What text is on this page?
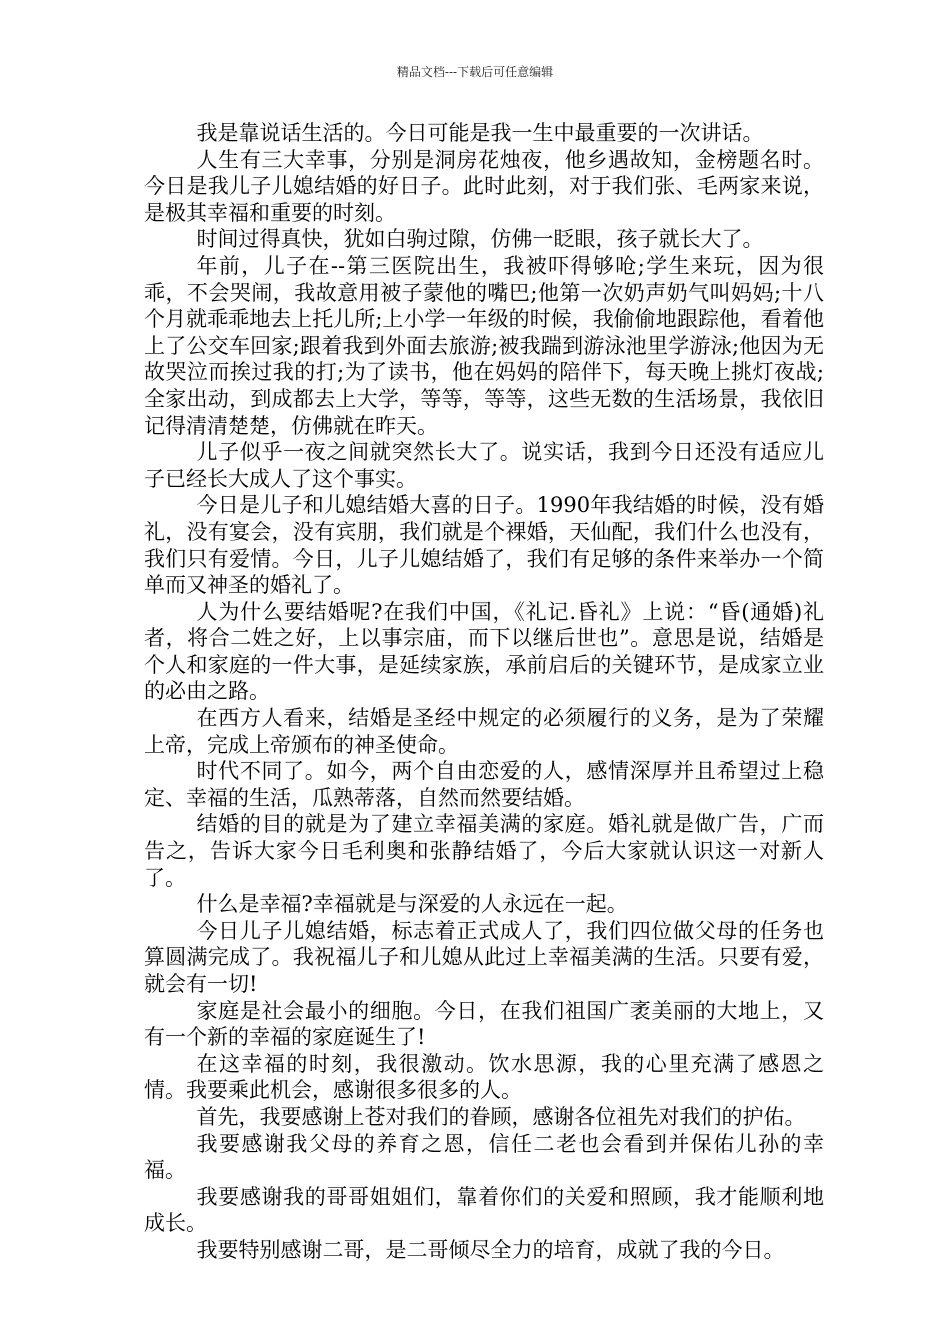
精品文档---下载后可任意编辑

我是靠说话生活的。今日可能是我一生中最重要的一次讲话。

人生有三大幸事，分别是洞房花烛夜，他乡遇故知，金榜题名时。今日是我儿子儿媳结婚的好日子。此时此刻，对于我们张、毛两家来说，是极其幸福和重要的时刻。

时间过得真快，犹如白驹过隙，仿佛一眨眼，孩子就长大了。

年前，儿子在--第三医院出生，我被吓得够呛;学生来玩，因为很乖，不会哭闹，我故意用被子蒙他的嘴巴;他第一次奶声奶气叫妈妈;十八个月就乖乖地去上托儿所;上小学一年级的时候，我偷偷地跟踪他，看着他上了公交车回家;跟着我到外面去旅游;被我踹到游泳池里学游泳;他因为无故哭泣而挨过我的打;为了读书，他在妈妈的陪伴下，每天晚上挑灯夜战;全家出动，到成都去上大学，等等，等等，这些无数的生活场景，我依旧记得清清楚楚，仿佛就在昨天。

儿子似乎一夜之间就突然长大了。说实话，我到今日还没有适应儿子已经长大成人了这个事实。

今日是儿子和儿媳结婚大喜的日子。1990年我结婚的时候，没有婚礼，没有宴会，没有宾朋，我们就是个裸婚，天仙配，我们什么也没有，我们只有爱情。今日，儿子儿媳结婚了，我们有足够的条件来举办一个简单而又神圣的婚礼了。

人为什么要结婚呢?在我们中国，《礼记.昏礼》上说：“昏(通婚)礼者，将合二姓之好，上以事宗庙，而下以继后世也”。意思是说，结婚是个人和家庭的一件大事，是延续家族，承前启后的关键环节，是成家立业的必由之路。

在西方人看来，结婚是圣经中规定的必须履行的义务，是为了荣耀上帝，完成上帝颁布的神圣使命。

时代不同了。如今，两个自由恋爱的人，感情深厚并且希望过上稳定、幸福的生活，瓜熟蒂落，自然而然要结婚。

结婚的目的就是为了建立幸福美满的家庭。婚礼就是做广告，广而告之，告诉大家今日毛利奥和张静结婚了，今后大家就认识这一对新人了。

什么是幸福?幸福就是与深爱的人永远在一起。

今日儿子儿媳结婚，标志着正式成人了，我们四位做父母的任务也算圆满完成了。我祝福儿子和儿媳从此过上幸福美满的生活。只要有爱，就会有一切!

家庭是社会最小的细胞。今日，在我们祖国广袤美丽的大地上，又有一个新的幸福的家庭诞生了!

在这幸福的时刻，我很激动。饮水思源，我的心里充满了感恩之情。我要乘此机会，感谢很多很多的人。

首先，我要感谢上苍对我们的眷顾，感谢各位祖先对我们的护佑。

我要感谢我父母的养育之恩，信任二老也会看到并保佑儿孙的幸福。

我要感谢我的哥哥姐姐们，靠着你们的关爱和照顾，我才能顺利地成长。

我要特别感谢二哥，是二哥倾尽全力的培育，成就了我的今日。
